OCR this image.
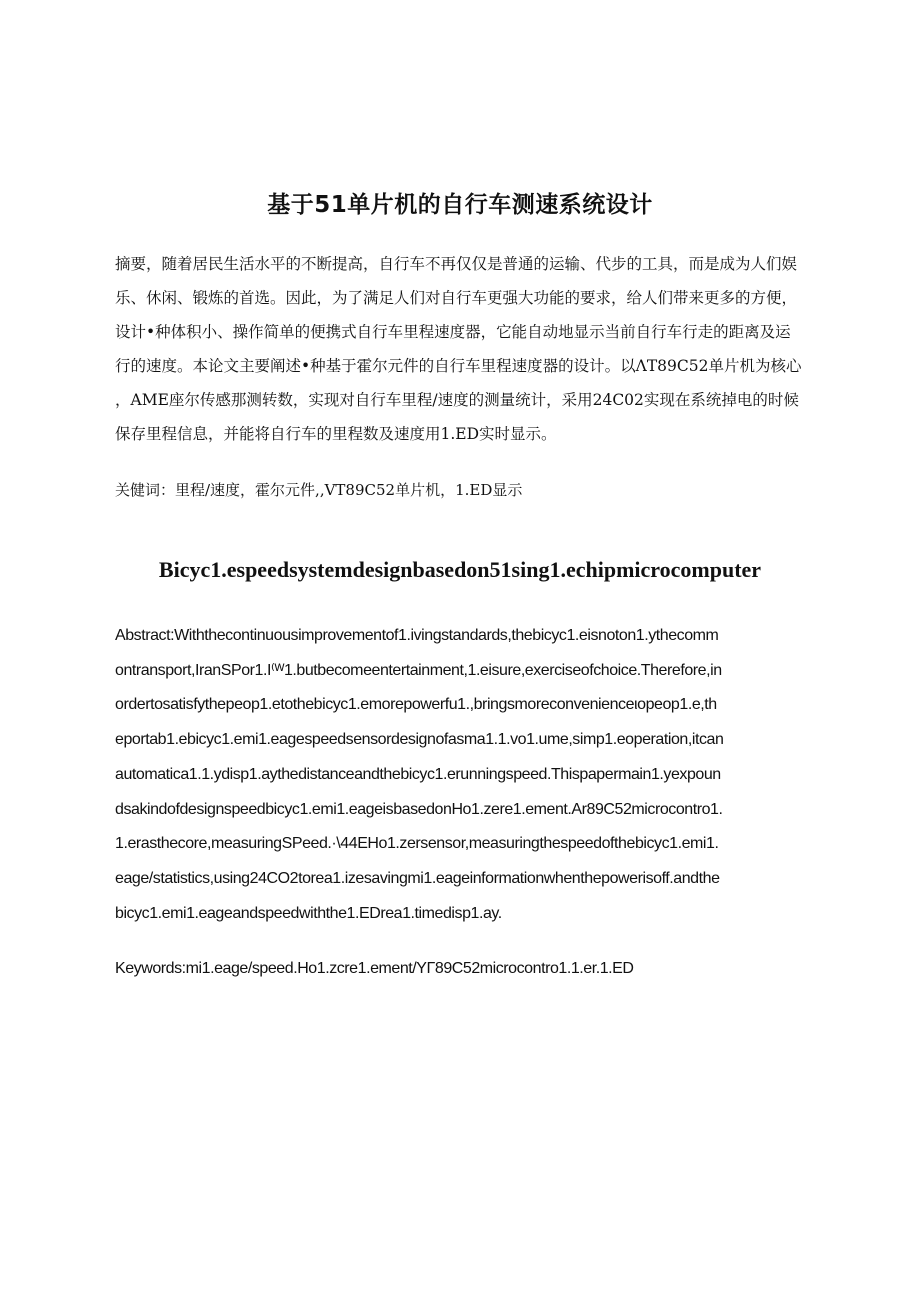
基于51单片机的自行车测速系统设计
摘要，随着居民生活水平的不断提高，自行车不再仅仅是普通的运输、代步的工具，而是成为人们娱
乐、休闲、锻炼的首选。因此，为了满足人们对自行车更强大功能的要求，给人们带来更多的方便，
设计•种体积小、操作简单的便携式自行车里程速度器，它能自动地显示当前自行车行走的距离及运
行的速度。本论文主要阐述•种基于霍尔元件的自行车里程速度器的设计。以ΛT89C52单片机为核心
，AME座尔传感那测转数，实现对自行车里程/速度的测量统计，采用24C02实现在系统掉电的时候
保存里程信息，并能将自行车的里程数及速度用1.ED实时显示。

关健词：里程/速度，霍尔元件,,VT89C52单片机，1.ED显示

Bicyc1.espeedsystemdesignbasedon51sing1.echipmicrocomputer
Abstract:Withthecontinuousimprovementof1.ivingstandards,thebicyc1.eisnoton1.ythecomm
ontransport,IranSPor1.I⁽ᵂ1.butbecomeentertainment,1.eisure,exerciseofchoice.Therefore,in
ordertosatisfythepeop1.etothebicyc1.emorepowerfu1.,bringsmoreconvenienceιopeop1.e,th
eportab1.ebicyc1.emi1.eagespeedsensordesignofasma1.1.vo1.ume,simp1.eoperation,itcan
automatica1.1.ydisp1.aythedistanceandthebicyc1.erunningspeed.Thispapermain1.yexpoun
dsakindofdesignspeedbicyc1.emi1.eageisbasedonHo1.zere1.ement.Ar89C52microcontro1.
1.erasthecore,measuringSPeed.·\44EHo1.zersensor,measuringthespeedofthebicyc1.emi1.
eage/statistics,using24CO2torea1.izesavingmi1.eageinformationwhenthepowerisoff.andthe
bicyc1.emi1.eageandspeedwiththe1.EDrea1.timedisp1.ay.

Keywords:mi1.eage/speed.Ho1.zcre1.ement/ΥΓ89C52microcontro1.1.er.1.ED
